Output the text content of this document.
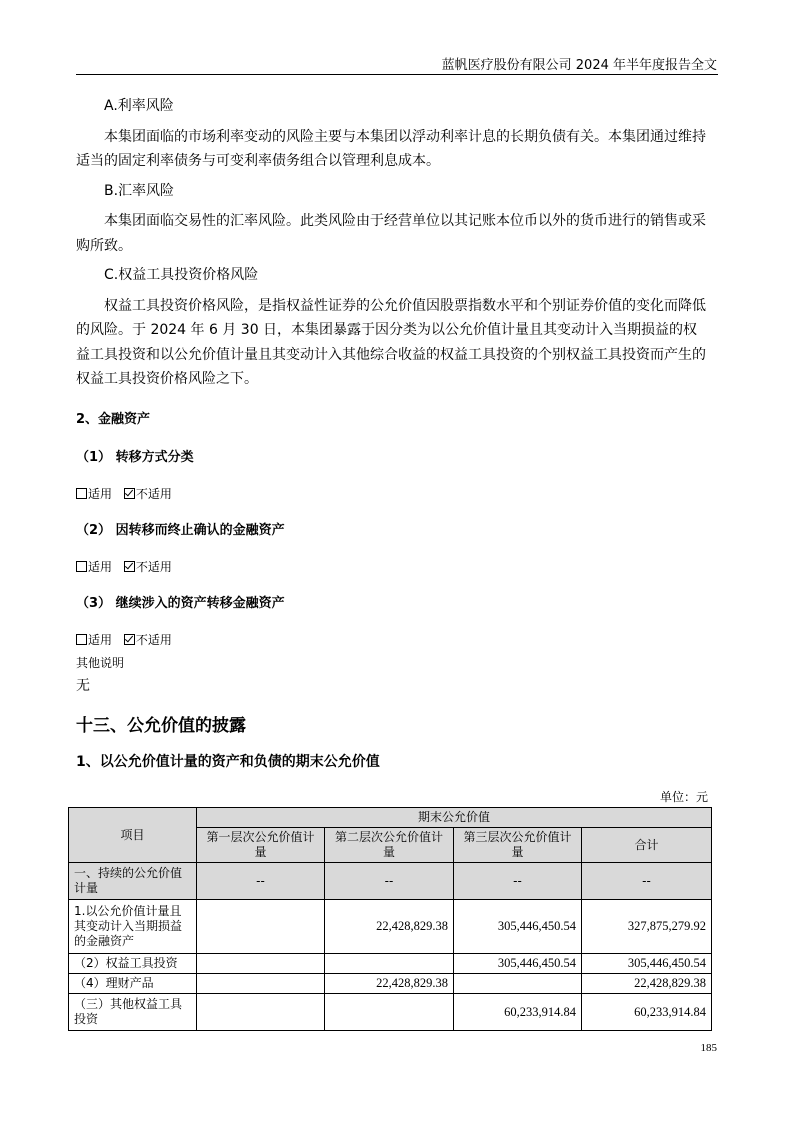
蓝帆医疗股份有限公司 2024 年半年度报告全文

A.利率风险

本集团面临的市场利率变动的风险主要与本集团以浮动利率计息的长期负债有关。本集团通过维持适当的固定利率债务与可变利率债务组合以管理利息成本。

B.汇率风险

本集团面临交易性的汇率风险。此类风险由于经营单位以其记账本位币以外的货币进行的销售或采购所致。

C.权益工具投资价格风险

权益工具投资价格风险，是指权益性证券的公允价值因股票指数水平和个别证券价值的变化而降低的风险。于 2024 年 6 月 30 日，本集团暴露于因分类为以公允价值计量且其变动计入当期损益的权益工具投资和以公允价值计量且其变动计入其他综合收益的权益工具投资的个别权益工具投资而产生的权益工具投资价格风险之下。

2、金融资产
（1） 转移方式分类
适用 不适用
（2） 因转移而终止确认的金融资产
适用 不适用
（3） 继续涉入的资产转移金融资产
适用 不适用
其他说明
无
十三、公允价值的披露
1、以公允价值计量的资产和负债的期末公允价值
单位：元
项目	期末公允价值			
	第一层次公允价值计量	第二层次公允价值计量	第三层次公允价值计量	合计
一、持续的公允价值计量	--	--	--	--
1.以公允价值计量且其变动计入当期损益的金融资产		22,428,829.38	305,446,450.54	327,875,279.92
（2）权益工具投资			305,446,450.54	305,446,450.54
（4）理财产品		22,428,829.38		22,428,829.38
（三）其他权益工具投资			60,233,914.84	60,233,914.84
185
